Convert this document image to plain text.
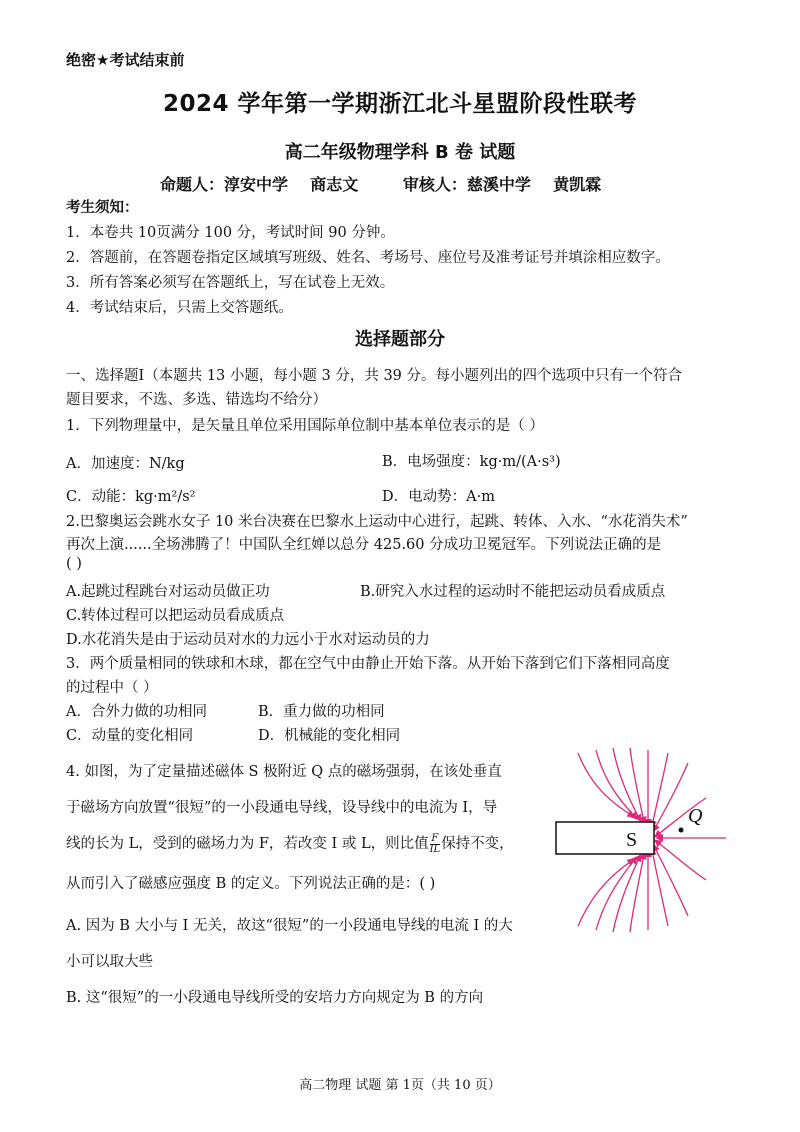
绝密★考试结束前
2024 学年第一学期浙江北斗星盟阶段性联考
高二年级物理学科 B 卷 试题
命题人：淳安中学    商志文        审核人：慈溪中学    黄凯霖
考生须知：
1．本卷共 10页满分 100 分，考试时间 90 分钟。
2．答题前，在答题卷指定区域填写班级、姓名、考场号、座位号及准考证号并填涂相应数字。
3．所有答案必须写在答题纸上，写在试卷上无效。
4．考试结束后，只需上交答题纸。
选择题部分
一、选择题Ⅰ（本题共 13 小题，每小题 3 分，共 39 分。每小题列出的四个选项中只有一个符合
题目要求，不选、多选、错选均不给分）
1．下列物理量中，是矢量且单位采用国际单位制中基本单位表示的是（ ）
A．加速度：N/kg	B．电场强度：kg·m/(A·s³)
C．动能：kg·m²/s²	D．电动势：A·m
2.巴黎奥运会跳水女子 10 米台决赛在巴黎水上运动中心进行，起跳、转体、入水、“水花消失术”
再次上演......全场沸腾了！中国队全红婵以总分 425.60 分成功卫冕冠军。下列说法正确的是
( )
A.起跳过程跳台对运动员做正功	B.研究入水过程的运动时不能把运动员看成质点
C.转体过程可以把运动员看成质点
D.水花消失是由于运动员对水的力远小于水对运动员的力
3．两个质量相同的铁球和木球，都在空气中由静止开始下落。从开始下落到它们下落相同高度
的过程中（ ）
A．合外力做的功相同	B．重力做的功相同
C．动量的变化相同	D．机械能的变化相同
4. 如图，为了定量描述磁体 S 极附近 Q 点的磁场强弱，在该处垂直
于磁场方向放置“很短”的一小段通电导线，设导线中的电流为 I，导
线的长为 L，受到的磁场力为 F，若改变 I 或 L，则比值 $\frac{F}{IL}$ 保持不变，
从而引入了磁感应强度 B 的定义。下列说法正确的是：( )
A. 因为 B 大小与 I 无关，故这“很短”的一小段通电导线的电流 I 的大
小可以取大些
B. 这“很短”的一小段通电导线所受的安培力方向规定为 B 的方向
S
Q
高二物理 试题 第 1页（共 10 页）
